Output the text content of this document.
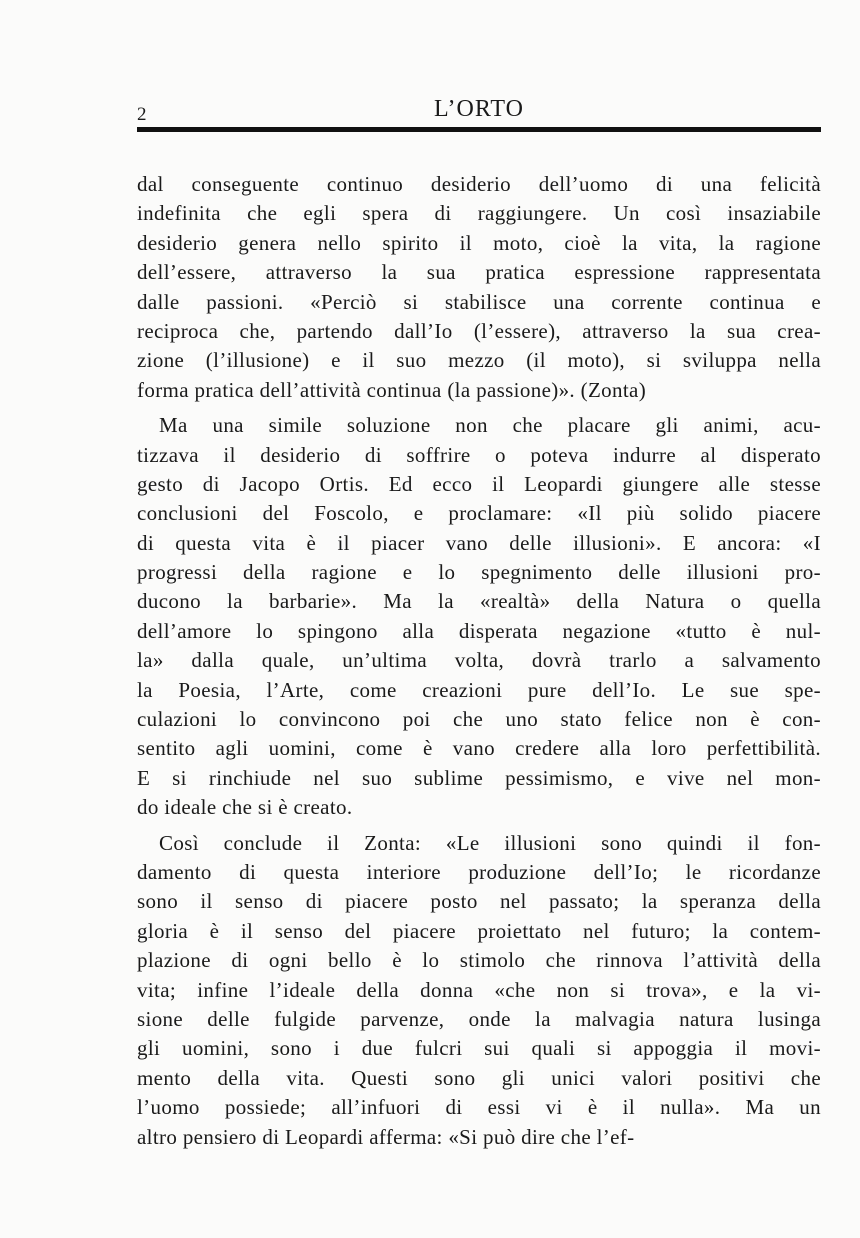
2	L’ORTO
dal conseguente continuo desiderio dell’uomo di una felicità
indefinita che egli spera di raggiungere. Un così insaziabile
desiderio genera nello spirito il moto, cioè la vita, la ragione
dell’essere, attraverso la sua pratica espressione rappresentata
dalle passioni. «Perciò si stabilisce una corrente continua e
reciproca che, partendo dall’Io (l’essere), attraverso la sua crea-
zione (l’illusione) e il suo mezzo (il moto), si sviluppa nella
forma pratica dell’attività continua (la passione)». (Zonta)
Ma una simile soluzione non che placare gli animi, acu-
tizzava il desiderio di soffrire o poteva indurre al disperato
gesto di Jacopo Ortis. Ed ecco il Leopardi giungere alle stesse
conclusioni del Foscolo, e proclamare: «Il più solido piacere
di questa vita è il piacer vano delle illusioni». E ancora: «I
progressi della ragione e lo spegnimento delle illusioni pro-
ducono la barbarie». Ma la «realtà» della Natura o quella
dell’amore lo spingono alla disperata negazione «tutto è nul-
la» dalla quale, un’ultima volta, dovrà trarlo a salvamento
la Poesia, l’Arte, come creazioni pure dell’Io. Le sue spe-
culazioni lo convincono poi che uno stato felice non è con-
sentito agli uomini, come è vano credere alla loro perfettibilità.
E si rinchiude nel suo sublime pessimismo, e vive nel mon-
do ideale che si è creato.
Così conclude il Zonta: «Le illusioni sono quindi il fon-
damento di questa interiore produzione dell’Io; le ricordanze
sono il senso di piacere posto nel passato; la speranza della
gloria è il senso del piacere proiettato nel futuro; la contem-
plazione di ogni bello è lo stimolo che rinnova l’attività della
vita; infine l’ideale della donna «che non si trova», e la vi-
sione delle fulgide parvenze, onde la malvagia natura lusinga
gli uomini, sono i due fulcri sui quali si appoggia il movi-
mento della vita. Questi sono gli unici valori positivi che
l’uomo possiede; all’infuori di essi vi è il nulla». Ma un
altro pensiero di Leopardi afferma: «Si può dire che l’ef-
